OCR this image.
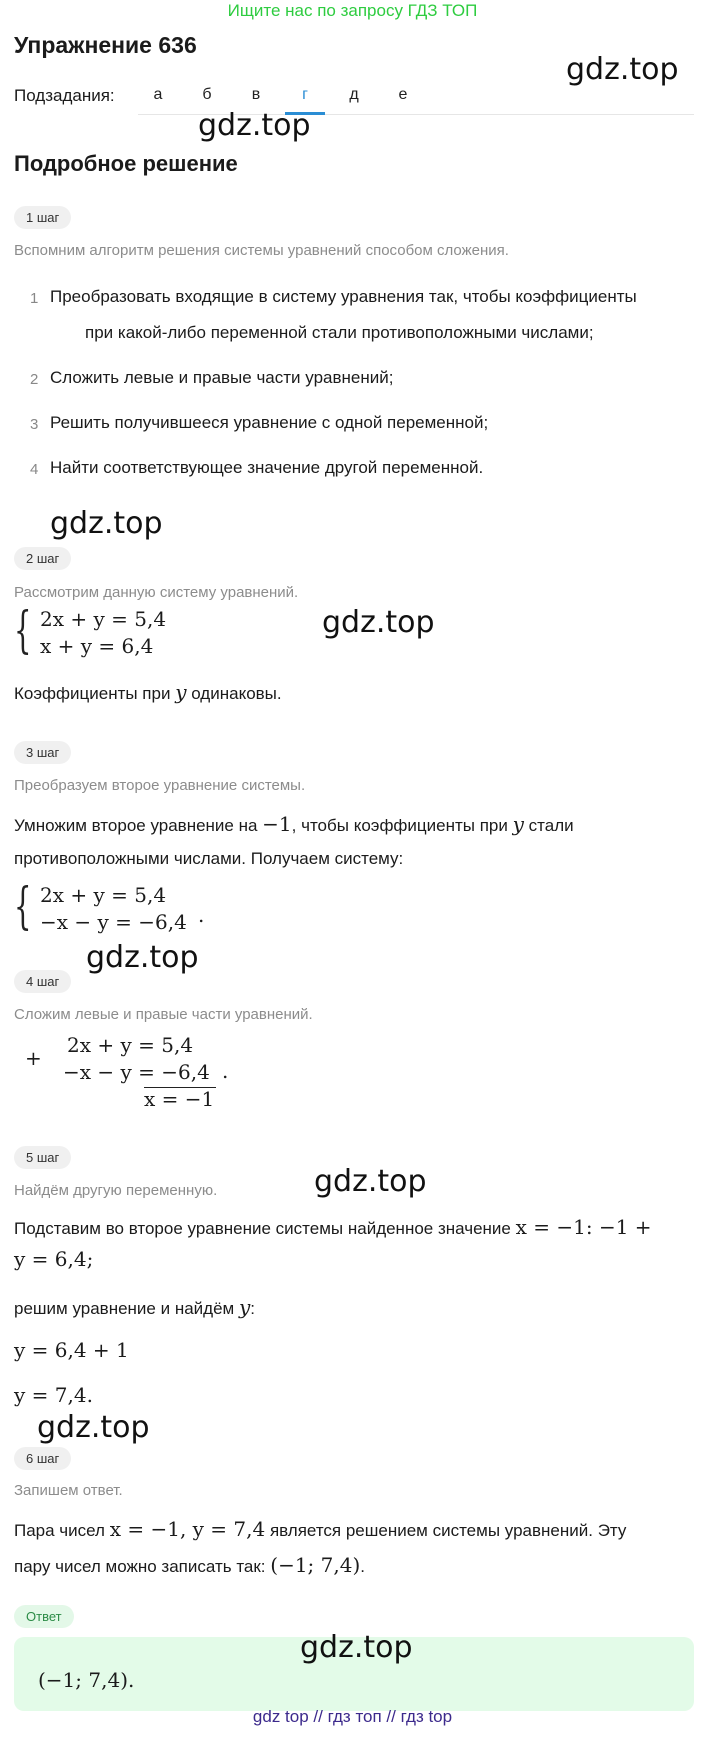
Ищите нас по запросу ГДЗ ТОП
Упражнение 636
gdz.top
Подзадания:	а	б	в	г	д	е
gdz.top
Подробное решение
1 шаг
Вспомним алгоритм решения системы уравнений способом сложения.
1 Преобразовать входящие в систему уравнения так, чтобы коэффициенты
при какой-либо переменной стали противоположными числами;
2 Сложить левые и правые части уравнений;
3 Решить получившееся уравнение с одной переменной;
4 Найти соответствующее значение другой переменной.
gdz.top
2 шаг
Рассмотрим данную систему уравнений.
{ 2x + y = 5,4
x + y = 6,4
gdz.top
Коэффициенты при y одинаковы.
3 шаг
Преобразуем второе уравнение системы.
Умножим второе уравнение на −1, чтобы коэффициенты при y стали
противоположными числами. Получаем систему:
{ 2x + y = 5,4
−x − y = −6,4 .
gdz.top
4 шаг
Сложим левые и правые части уравнений.
+
2x + y = 5,4
−x − y = −6,4
x = −1
.
5 шаг
gdz.top
Найдём другую переменную.
Подставим во второе уравнение системы найденное значение x = −1: −1 +
y = 6,4;
решим уравнение и найдём y:
y = 6,4 + 1
y = 7,4.
gdz.top
6 шаг
Запишем ответ.
Пара чисел x = −1, y = 7,4 является решением системы уравнений. Эту
пару чисел можно записать так: (−1; 7,4).
Ответ
gdz.top
(−1; 7,4).
gdz top // гдз топ // гдз top
